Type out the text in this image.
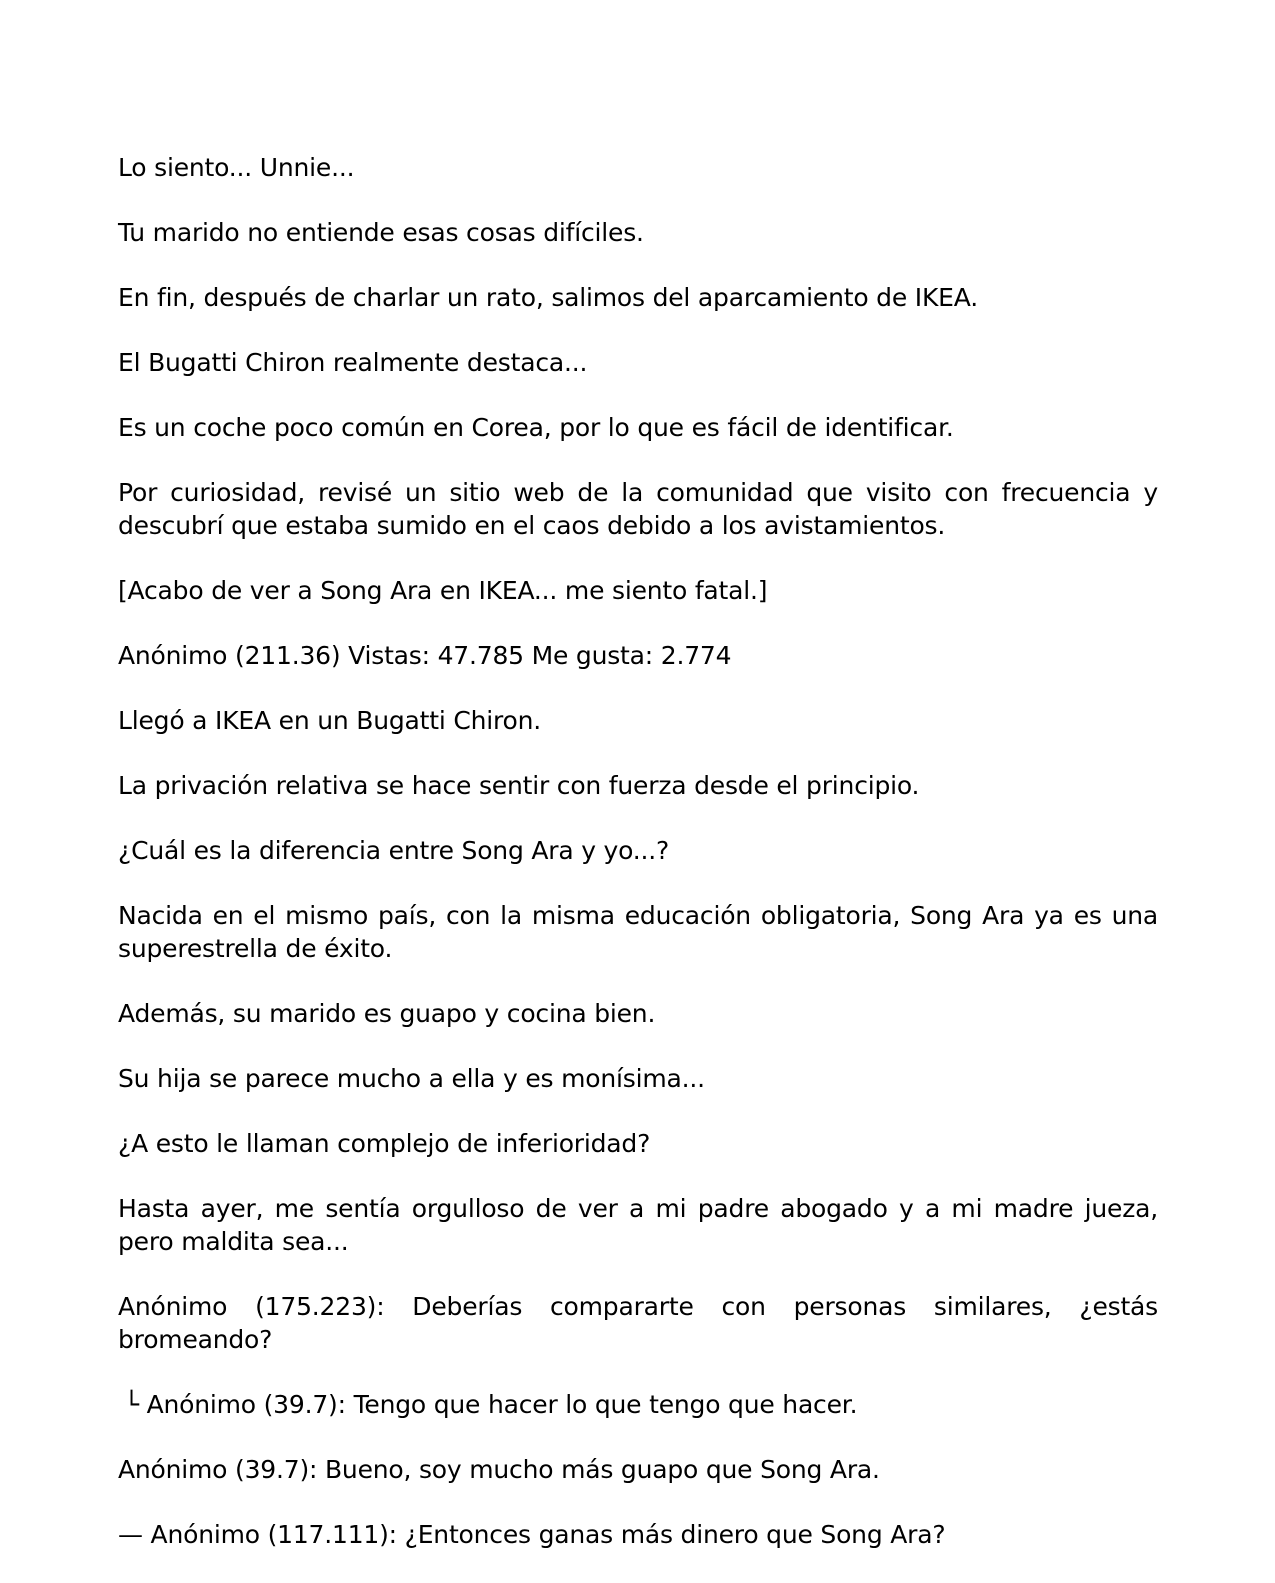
Lo siento... Unnie...

Tu marido no entiende esas cosas difíciles.

En fin, después de charlar un rato, salimos del aparcamiento de IKEA.

El Bugatti Chiron realmente destaca...

Es un coche poco común en Corea, por lo que es fácil de identificar.

Por curiosidad, revisé un sitio web de la comunidad que visito con frecuencia y descubrí que estaba sumido en el caos debido a los avistamientos.

[Acabo de ver a Song Ara en IKEA... me siento fatal.]

Anónimo (211.36) Vistas: 47.785 Me gusta: 2.774

Llegó a IKEA en un Bugatti Chiron.

La privación relativa se hace sentir con fuerza desde el principio.

¿Cuál es la diferencia entre Song Ara y yo...?

Nacida en el mismo país, con la misma educación obligatoria, Song Ara ya es una superestrella de éxito.

Además, su marido es guapo y cocina bien.

Su hija se parece mucho a ella y es monísima...

¿A esto le llaman complejo de inferioridad?

Hasta ayer, me sentía orgulloso de ver a mi padre abogado y a mi madre jueza, pero maldita sea...

Anónimo (175.223): Deberías compararte con personas similares, ¿estás bromeando?

└ Anónimo (39.7): Tengo que hacer lo que tengo que hacer.

Anónimo (39.7): Bueno, soy mucho más guapo que Song Ara.

— Anónimo (117.111): ¿Entonces ganas más dinero que Song Ara?
